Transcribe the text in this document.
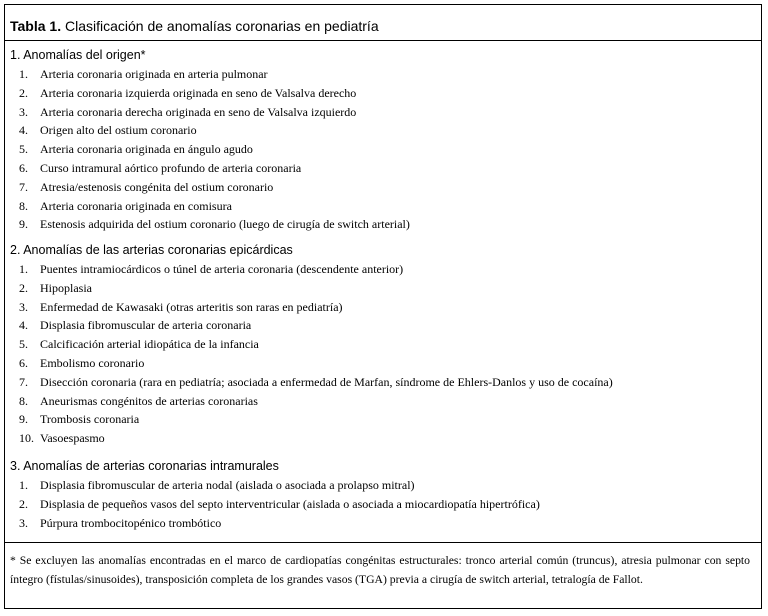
Tabla 1. Clasificación de anomalías coronarias en pediatría
1. Anomalías del origen*
1. Arteria coronaria originada en arteria pulmonar
2. Arteria coronaria izquierda originada en seno de Valsalva derecho
3. Arteria coronaria derecha originada en seno de Valsalva izquierdo
4. Origen alto del ostium coronario
5. Arteria coronaria originada en ángulo agudo
6. Curso intramural aórtico profundo de arteria coronaria
7. Atresia/estenosis congénita del ostium coronario
8. Arteria coronaria originada en comisura
9. Estenosis adquirida del ostium coronario (luego de cirugía de switch arterial)
2. Anomalías de las arterias coronarias epicárdicas
1. Puentes intramiocárdicos o túnel de arteria coronaria (descendente anterior)
2. Hipoplasia
3. Enfermedad de Kawasaki (otras arteritis son raras en pediatría)
4. Displasia fibromuscular de arteria coronaria
5. Calcificación arterial idiopática de la infancia
6. Embolismo coronario
7. Disección coronaria (rara en pediatría; asociada a enfermedad de Marfan, síndrome de Ehlers-Danlos y uso de cocaína)
8. Aneurismas congénitos de arterias coronarias
9. Trombosis coronaria
10. Vasoespasmo
3. Anomalías de arterias coronarias intramurales
1. Displasia fibromuscular de arteria nodal (aislada o asociada a prolapso mitral)
2. Displasia de pequeños vasos del septo interventricular (aislada o asociada a miocardiopatía hipertrófica)
3. Púrpura trombocitopénico trombótico
* Se excluyen las anomalías encontradas en el marco de cardiopatías congénitas estructurales: tronco arterial común (truncus), atresia pulmonar con septo íntegro (fístulas/sinusoides), transposición completa de los grandes vasos (TGA) previa a cirugía de switch arterial, tetralogía de Fallot.
